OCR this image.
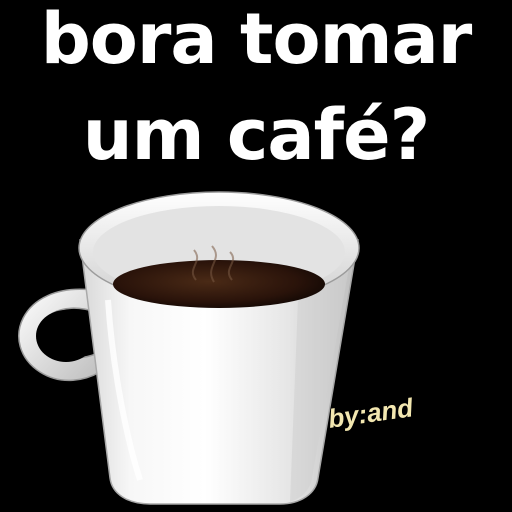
bora tomar
um café?
by:and
